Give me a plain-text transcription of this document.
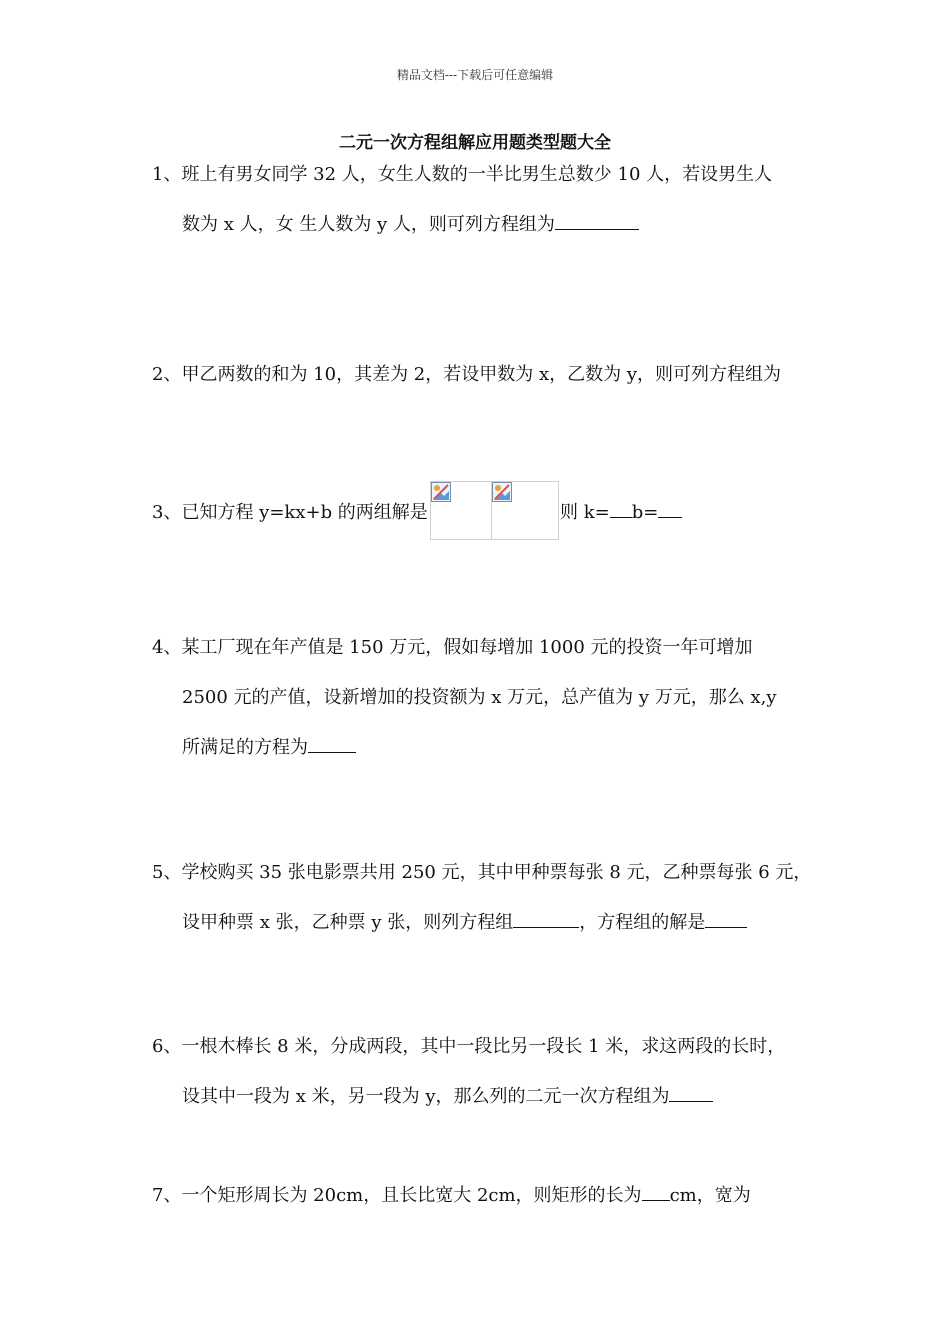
精品文档---下载后可任意编辑
二元一次方程组解应用题类型题大全
1、班上有男女同学 32 人，女生人数的一半比男生总数少 10 人，若设男生人
数为 x 人，女 生人数为 y 人，则可列方程组为
2、甲乙两数的和为 10，其差为 2，若设甲数为 x，乙数为 y，则可列方程组为
3、已知方程 y=kx+b 的两组解是	则 k= b=
4、某工厂现在年产值是 150 万元，假如每增加 1000 元的投资一年可增加
2500 元的产值，设新增加的投资额为 x 万元，总产值为 y 万元，那么 x,y
所满足的方程为
5、学校购买 35 张电影票共用 250 元，其中甲种票每张 8 元，乙种票每张 6 元，
设甲种票 x 张，乙种票 y 张，则列方程组	，方程组的解是
6、一根木棒长 8 米，分成两段，其中一段比另一段长 1 米，求这两段的长时，
设其中一段为 x 米，另一段为 y，那么列的二元一次方程组为
7、一个矩形周长为 20cm，且长比宽大 2cm，则矩形的长为 cm，宽为
